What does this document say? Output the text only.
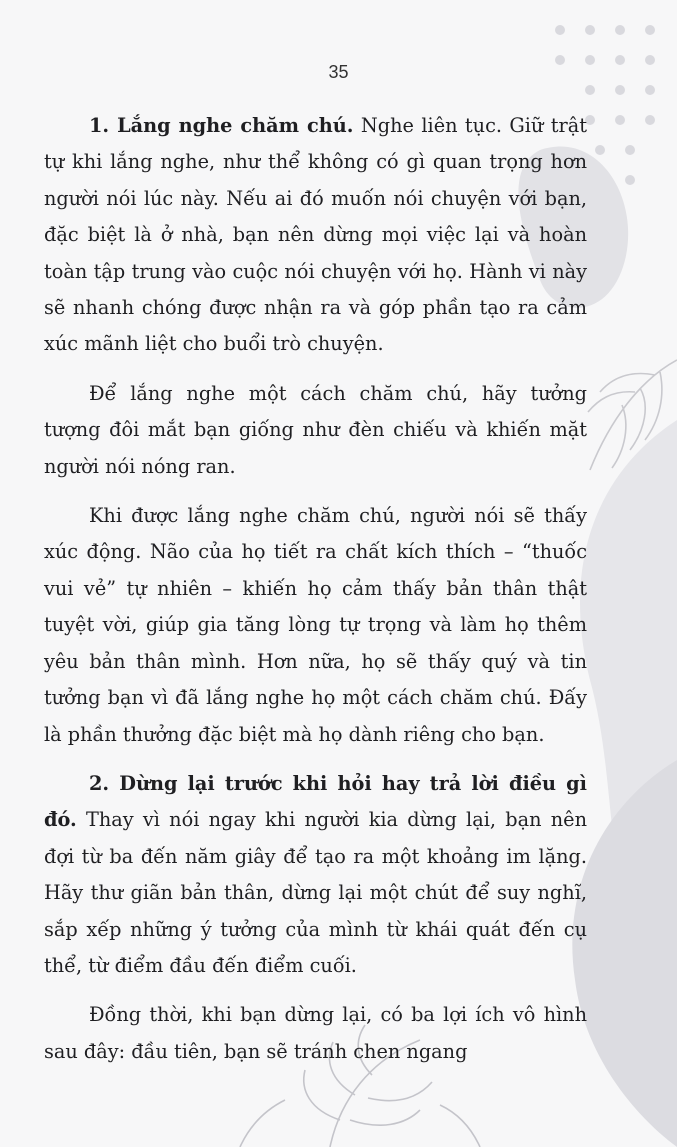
35

1. Lắng nghe chăm chú. Nghe liên tục. Giữ trật tự khi lắng nghe, như thể không có gì quan trọng hơn người nói lúc này. Nếu ai đó muốn nói chuyện với bạn, đặc biệt là ở nhà, bạn nên dừng mọi việc lại và hoàn toàn tập trung vào cuộc nói chuyện với họ. Hành vi này sẽ nhanh chóng được nhận ra và góp phần tạo ra cảm xúc mãnh liệt cho buổi trò chuyện.

Để lắng nghe một cách chăm chú, hãy tưởng tượng đôi mắt bạn giống như đèn chiếu và khiến mặt người nói nóng ran.

Khi được lắng nghe chăm chú, người nói sẽ thấy xúc động. Não của họ tiết ra chất kích thích – “thuốc vui vẻ” tự nhiên – khiến họ cảm thấy bản thân thật tuyệt vời, giúp gia tăng lòng tự trọng và làm họ thêm yêu bản thân mình. Hơn nữa, họ sẽ thấy quý và tin tưởng bạn vì đã lắng nghe họ một cách chăm chú. Đấy là phần thưởng đặc biệt mà họ dành riêng cho bạn.

2. Dừng lại trước khi hỏi hay trả lời điều gì đó. Thay vì nói ngay khi người kia dừng lại, bạn nên đợi từ ba đến năm giây để tạo ra một khoảng im lặng. Hãy thư giãn bản thân, dừng lại một chút để suy nghĩ, sắp xếp những ý tưởng của mình từ khái quát đến cụ thể, từ điểm đầu đến điểm cuối.

Đồng thời, khi bạn dừng lại, có ba lợi ích vô hình sau đây: đầu tiên, bạn sẽ tránh chen ngang
